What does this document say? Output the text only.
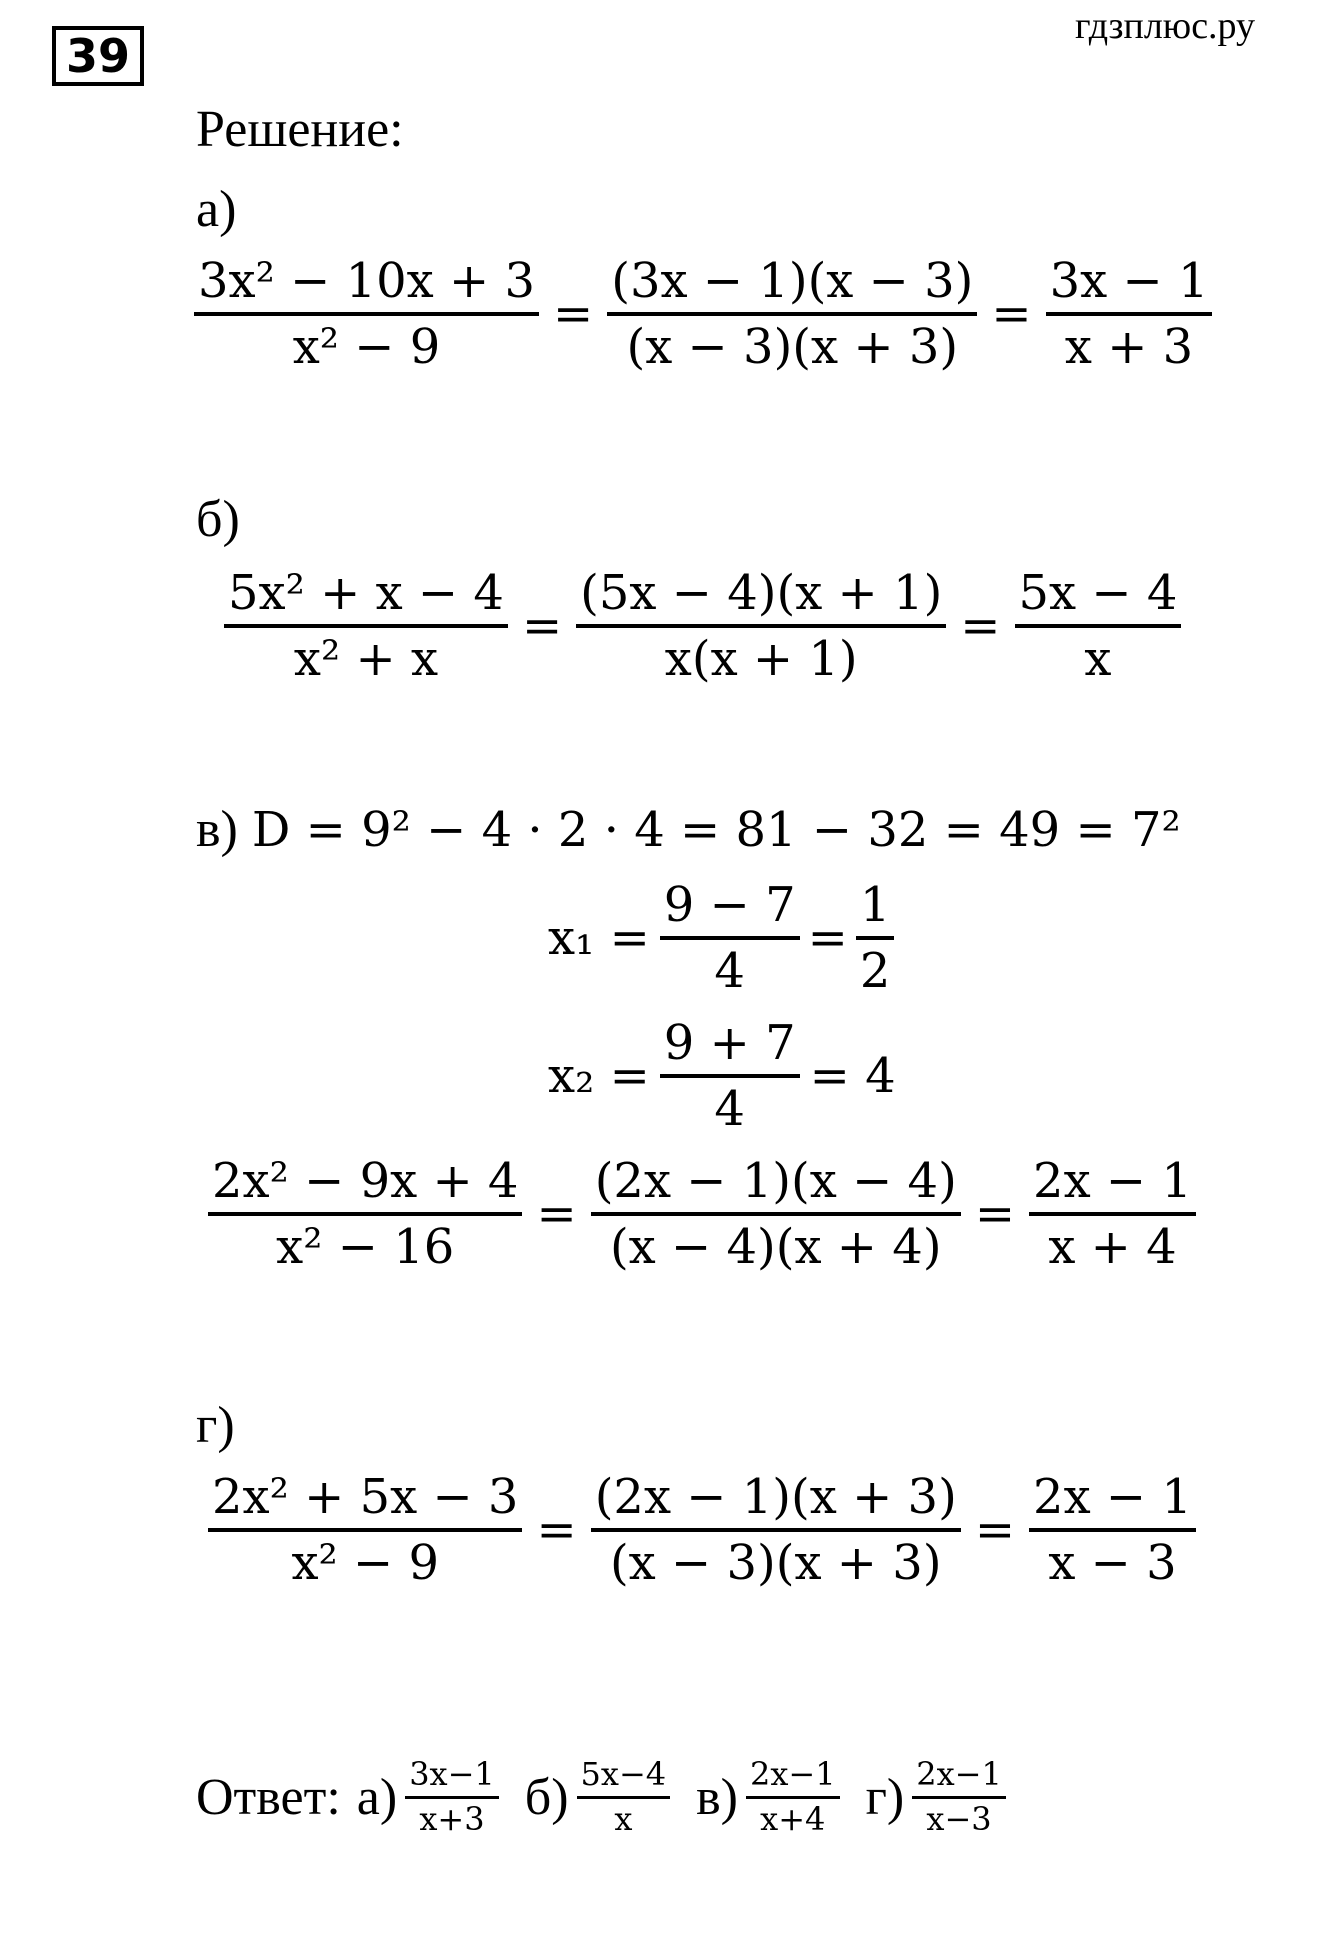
39
гдзплюс.ру
Решение:
а)
$\frac{\text{3x² − 10x + 3}}{\text{x² − 9}} = \frac{(3x - 1)(x - 3)}{(x - 3)(x + 3)} = \frac{3x - 1}{x + 3}$
б)
$\frac{\text{5x² + x − 4}}{\text{x² + x}} = \frac{(5x - 4)(x + 1)}{x(x + 1)} = \frac{5x - 4}{x}$
в) D = 9² − 4 · 2 · 4 = 81 − 32 = 49 = 7²
$x_1 = \frac{9 - 7}{4} = \frac{1}{2}$
$x_2 = \frac{9 + 7}{4} = 4$
$\frac{\text{2x² − 9x + 4}}{\text{x² − 16}} = \frac{(2x - 1)(x - 4)}{(x - 4)(x + 4)} = \frac{2x - 1}{x + 4}$
г)
$\frac{\text{2x² + 5x − 3}}{\text{x² − 9}} = \frac{(2x - 1)(x + 3)}{(x - 3)(x + 3)} = \frac{2x - 1}{x - 3}$
Ответ: $а) \frac{3x-1}{x+3} б) \frac{5x-4}{x} в) \frac{2x-1}{x+4} г) \frac{2x-1}{x-3}$
